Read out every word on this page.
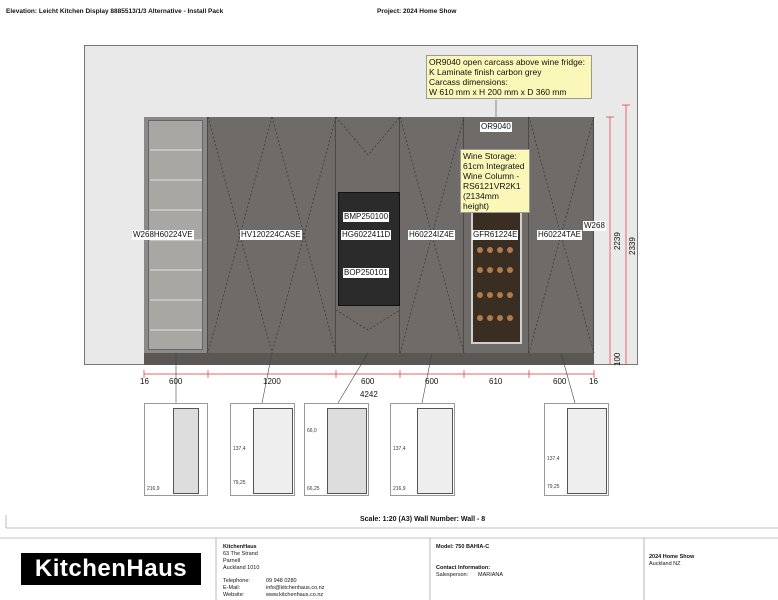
Elevation: Leicht Kitchen Display 8885513/1/3 Alternative - Install Pack	Project: 2024 Home Show
W268H60224VE	HV120224CASE
BMP250100
HG6022411D
BOP250101
H60224IZ4E GFR61224E	H60224TAE
W268
OR9040
OR9040 open carcass above wine fridge:
K Laminate finish carbon grey
Carcass dimensions:
W 610 mm x H 200 mm x D 360 mm
Wine Storage:
61cm Integrated
Wine Column -
RS6121VR2K1
(2134mm height)
16	600	1200	600	600	610	600	16
4242
2239 2339
100
216,9
137,4
79,25
66,0
66,25
137,4
216,9
137,4
79,25
Scale: 1:20 (A3) Wall Number: Wall - 8
KitchenHaus
KitchenHaus
63 The Strand
Parnell
Auckland 1010
Telephone:	09 948 0280
E-Mail:	info@kitchenhaus.co.nz
Website:	www.kitchenhaus.co.nz
Model: 750 BAHIA-C
Contact Information:
Salesperson: MARIANA
2024 Home Show
Auckland NZ
